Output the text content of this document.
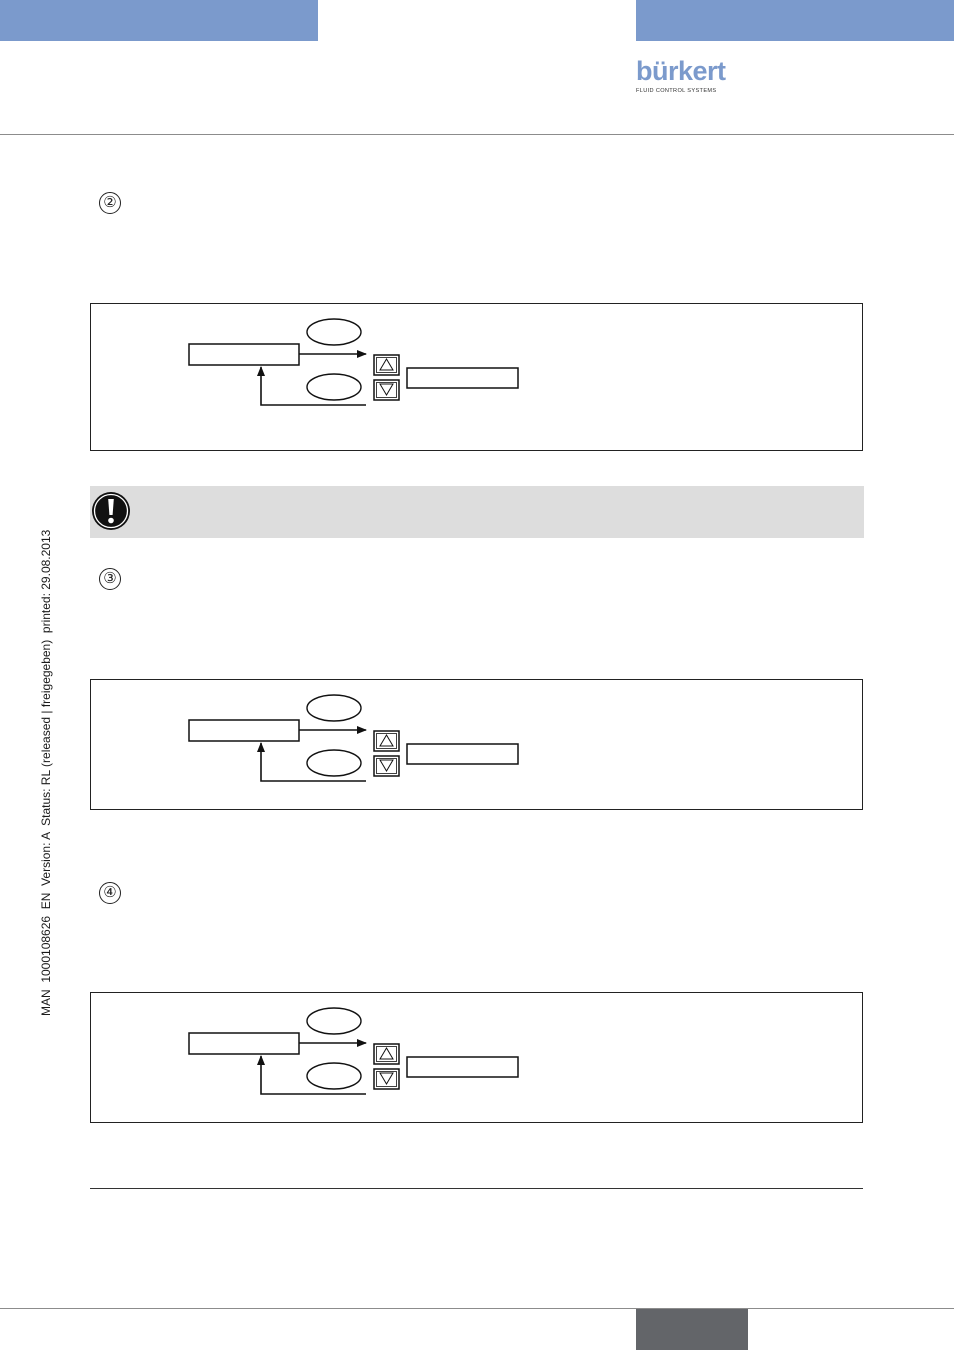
bürkert
FLUID CONTROL SYSTEMS
②
③
④
MAN  1000108626  EN  Version: A  Status: RL (released | freigegeben)  printed: 29.08.2013
